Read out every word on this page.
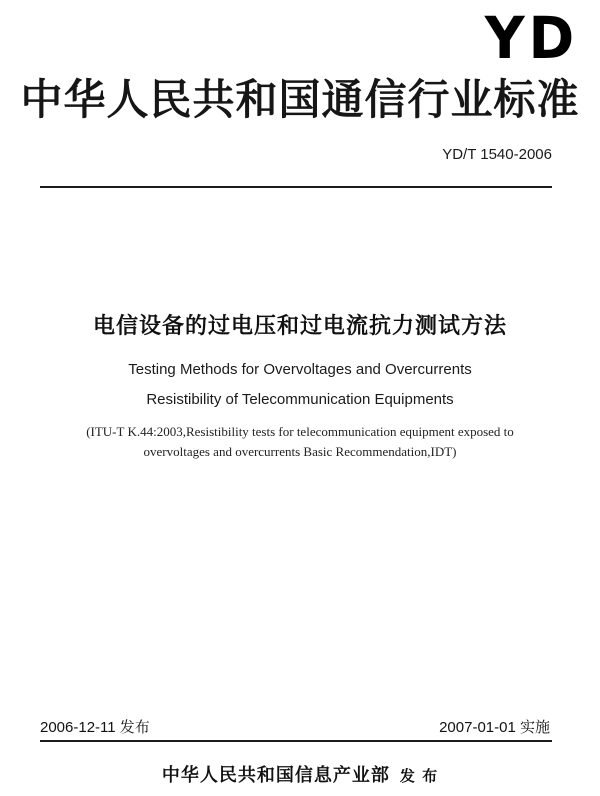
YD
中华人民共和国通信行业标准
YD/T 1540-2006
电信设备的过电压和过电流抗力测试方法
Testing Methods for Overvoltages and Overcurrents
Resistibility of Telecommunication Equipments
(ITU-T K.44:2003,Resistibility tests for telecommunication equipment exposed to
overvoltages and overcurrents Basic Recommendation,IDT)
2006-12-11 发布	2007-01-01 实施
中华人民共和国信息产业部 发 布
